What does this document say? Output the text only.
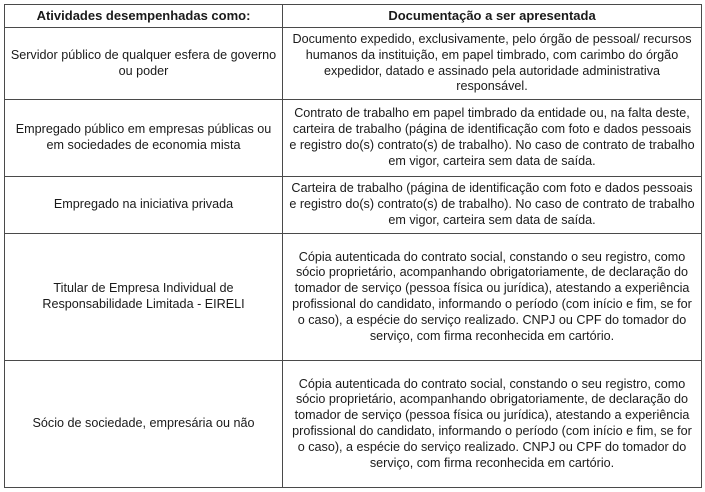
Atividades desempenhadas como:	Documentação a ser apresentada
Servidor público de qualquer esfera de governo ou poder	Documento expedido, exclusivamente, pelo órgão de pessoal/ recursos humanos da instituição, em papel timbrado, com carimbo do órgão expedidor, datado e assinado pela autoridade administrativa responsável.
Empregado público em empresas públicas ou em sociedades de economia mista	Contrato de trabalho em papel timbrado da entidade ou, na falta deste, carteira de trabalho (página de identificação com foto e dados pessoais e registro do(s) contrato(s) de trabalho). No caso de contrato de trabalho em vigor, carteira sem data de saída.
Empregado na iniciativa privada	Carteira de trabalho (página de identificação com foto e dados pessoais e registro do(s) contrato(s) de trabalho). No caso de contrato de trabalho em vigor, carteira sem data de saída.
Titular de Empresa Individual de Responsabilidade Limitada - EIRELI	Cópia autenticada do contrato social, constando o seu registro, como sócio proprietário, acompanhando obrigatoriamente, de declaração do tomador de serviço (pessoa física ou jurídica), atestando a experiência profissional do candidato, informando o período (com início e fim, se for o caso), a espécie do serviço realizado. CNPJ ou CPF do tomador do serviço, com firma reconhecida em cartório.
Sócio de sociedade, empresária ou não	Cópia autenticada do contrato social, constando o seu registro, como sócio proprietário, acompanhando obrigatoriamente, de declaração do tomador de serviço (pessoa física ou jurídica), atestando a experiência profissional do candidato, informando o período (com início e fim, se for o caso), a espécie do serviço realizado. CNPJ ou CPF do tomador do serviço, com firma reconhecida em cartório.
